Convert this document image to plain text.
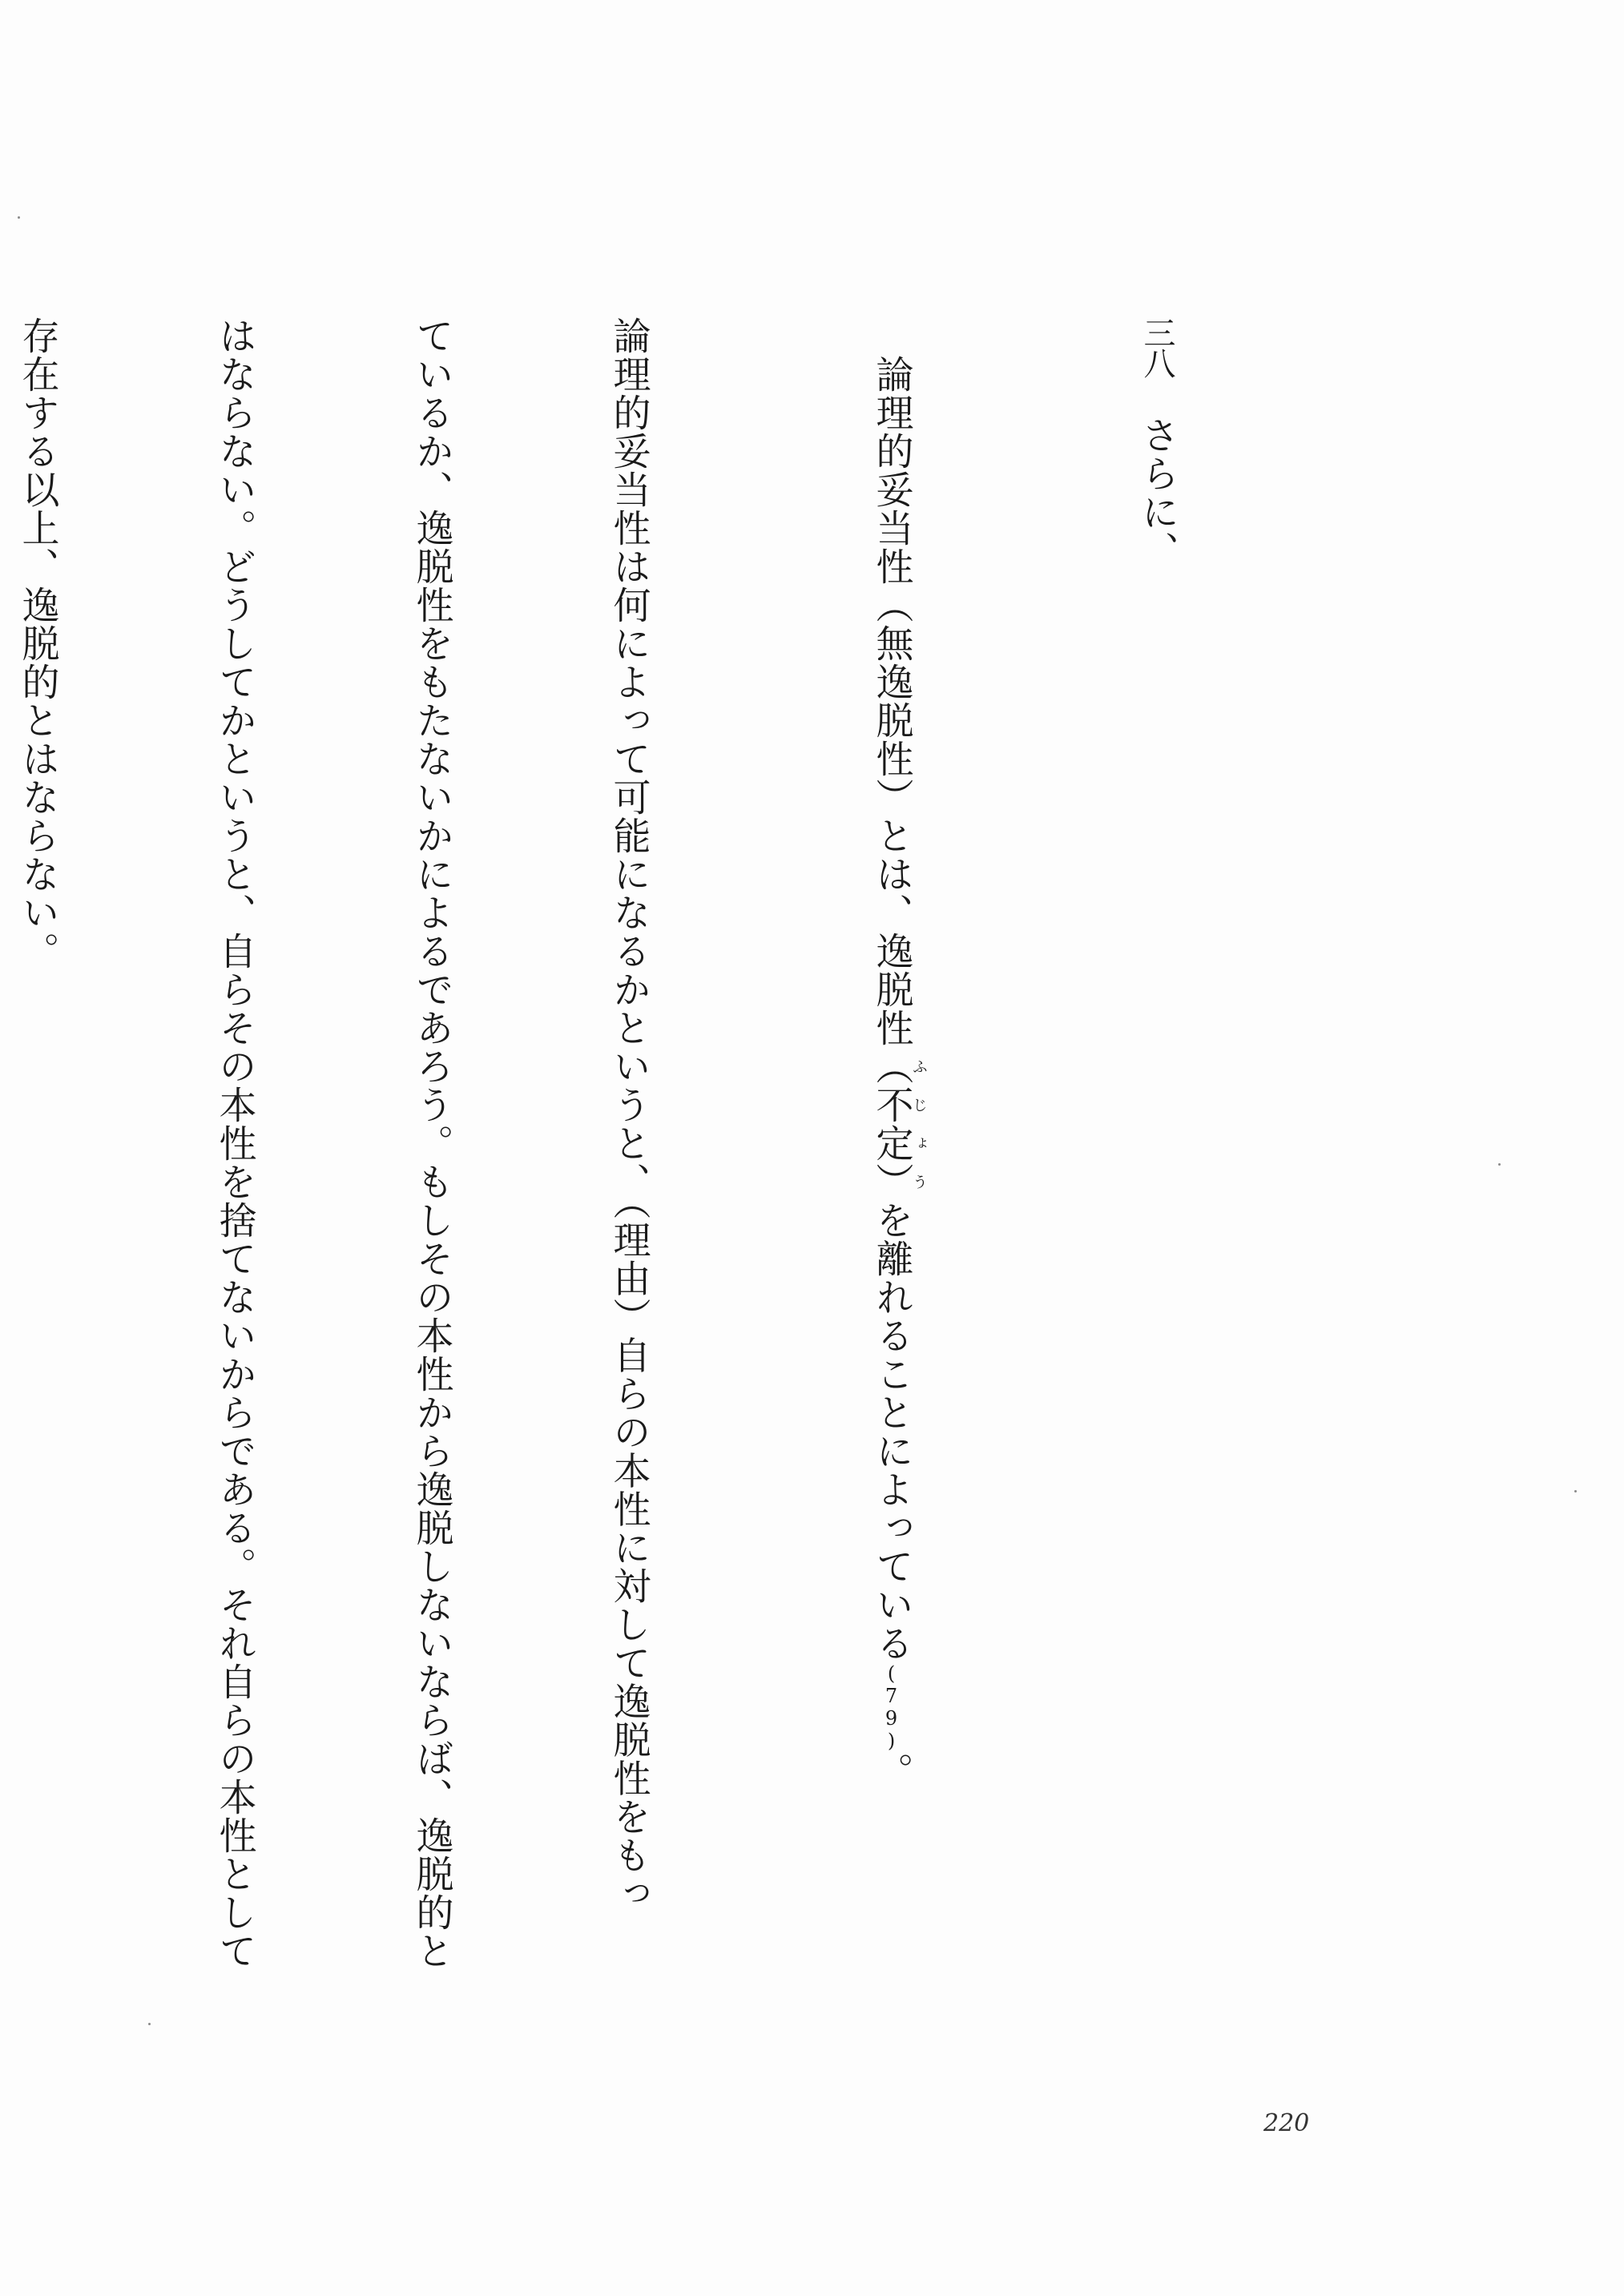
三八　さらに、

　論理的妥当性（無逸脱性）とは、逸脱性（不定）ふじょうを離れることによっている(79)。

論理的妥当性は何によって可能になるかというと、（理由）自らの本性に対して逸脱性をもっ

ているか、逸脱性をもたないかによるであろう。もしその本性から逸脱しないならば、逸脱的と

はならない。どうしてかというと、自らその本性を捨てないからである。それ自らの本性として

存在する以上、逸脱的とはならない。

220
